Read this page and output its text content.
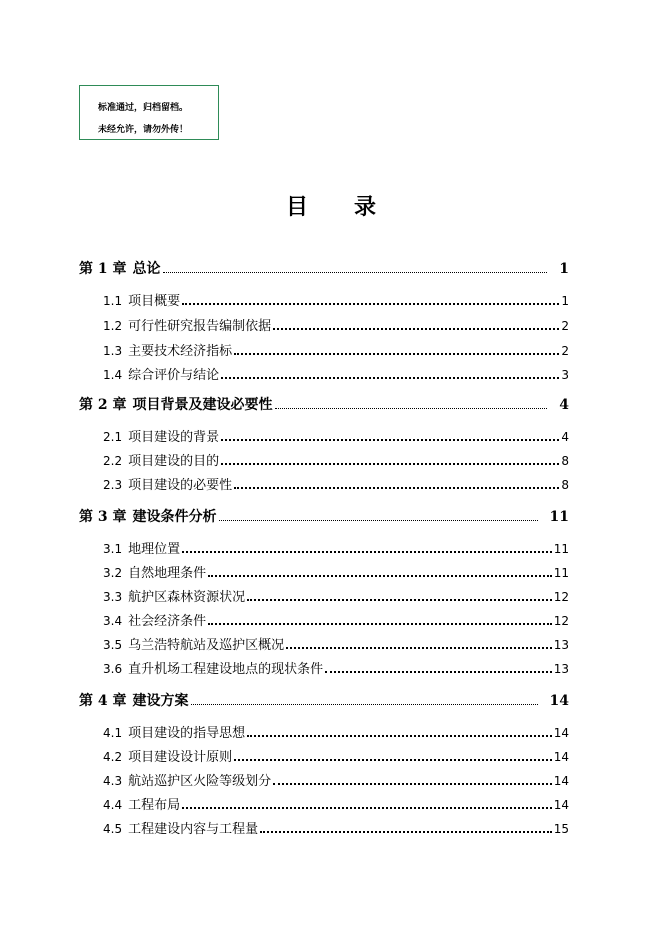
标准通过，归档留档。
未经允许，请勿外传！
目录
第 1 章 总论	1
1.1 项目概要	1
1.2 可行性研究报告编制依据	2
1.3 主要技术经济指标	2
1.4 综合评价与结论	3
第 2 章 项目背景及建设必要性	4
2.1 项目建设的背景	4
2.2 项目建设的目的	8
2.3 项目建设的必要性	8
第 3 章 建设条件分析	11
3.1 地理位置	11
3.2 自然地理条件	11
3.3 航护区森林资源状况	12
3.4 社会经济条件	12
3.5 乌兰浩特航站及巡护区概况	13
3.6 直升机场工程建设地点的现状条件	13
第 4 章 建设方案	14
4.1 项目建设的指导思想	14
4.2 项目建设设计原则	14
4.3 航站巡护区火险等级划分	14
4.4 工程布局	14
4.5 工程建设内容与工程量	15
